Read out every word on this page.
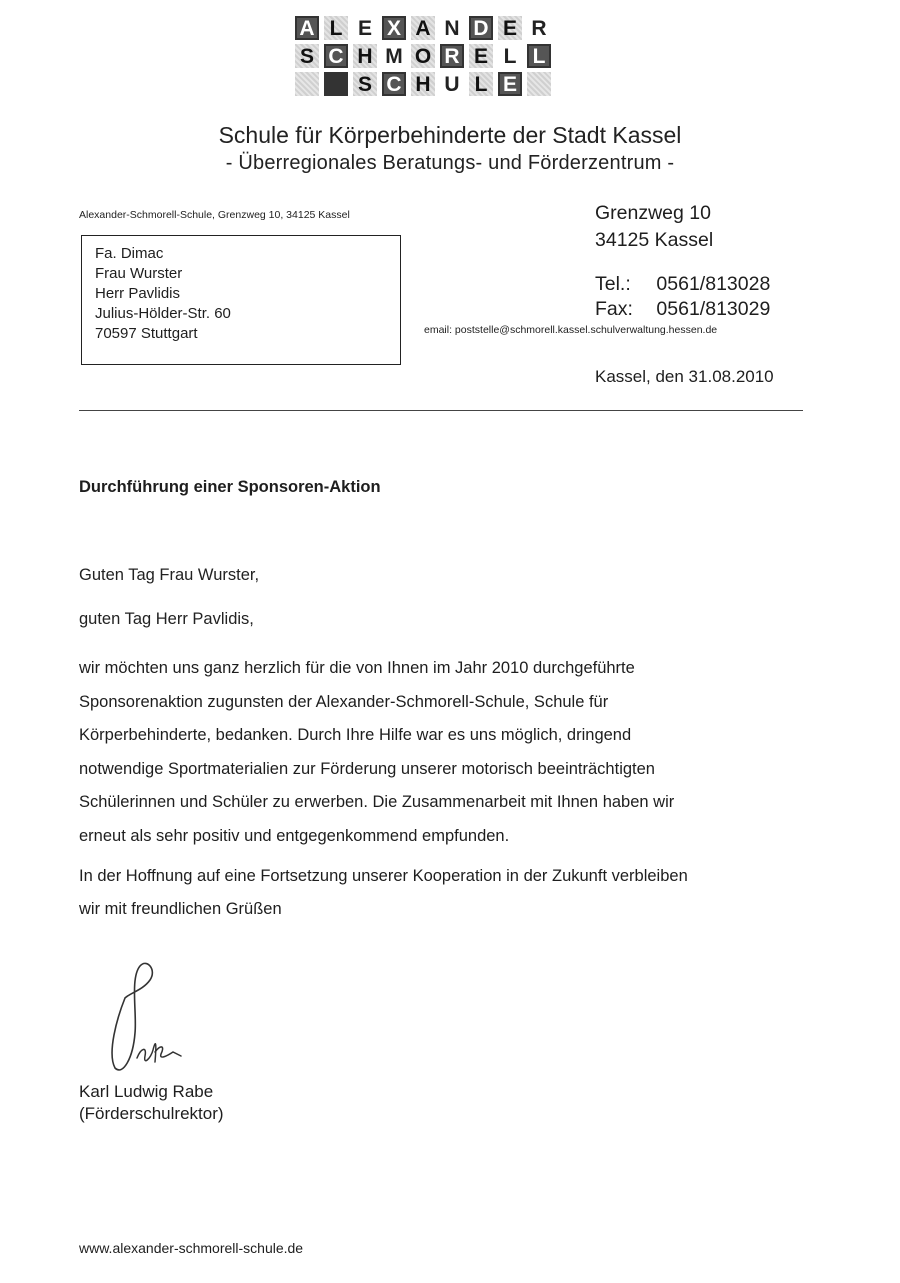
A L E X A N D E R
S C H M O R E L L
S C H U L E
Schule für Körperbehinderte der Stadt Kassel
- Überregionales Beratungs- und Förderzentrum -
Alexander-Schmorell-Schule, Grenzweg 10, 34125 Kassel
Fa. Dimac
Frau Wurster
Herr Pavlidis
Julius-Hölder-Str. 60
70597 Stuttgart
Grenzweg 10
34125 Kassel
Tel.: 0561/813028
Fax: 0561/813029
email: poststelle@schmorell.kassel.schulverwaltung.hessen.de
Kassel, den 31.08.2010
Durchführung einer Sponsoren-Aktion
Guten Tag Frau Wurster,
guten Tag Herr Pavlidis,
wir möchten uns ganz herzlich für die von Ihnen im Jahr 2010 durchgeführte
Sponsorenaktion zugunsten der Alexander-Schmorell-Schule, Schule für
Körperbehinderte, bedanken. Durch Ihre Hilfe war es uns möglich, dringend
notwendige Sportmaterialien zur Förderung unserer motorisch beeinträchtigten
Schülerinnen und Schüler zu erwerben. Die Zusammenarbeit mit Ihnen haben wir
erneut als sehr positiv und entgegenkommend empfunden.
In der Hoffnung auf eine Fortsetzung unserer Kooperation in der Zukunft verbleiben
wir mit freundlichen Grüßen
Karl Ludwig Rabe
(Förderschulrektor)
www.alexander-schmorell-schule.de
